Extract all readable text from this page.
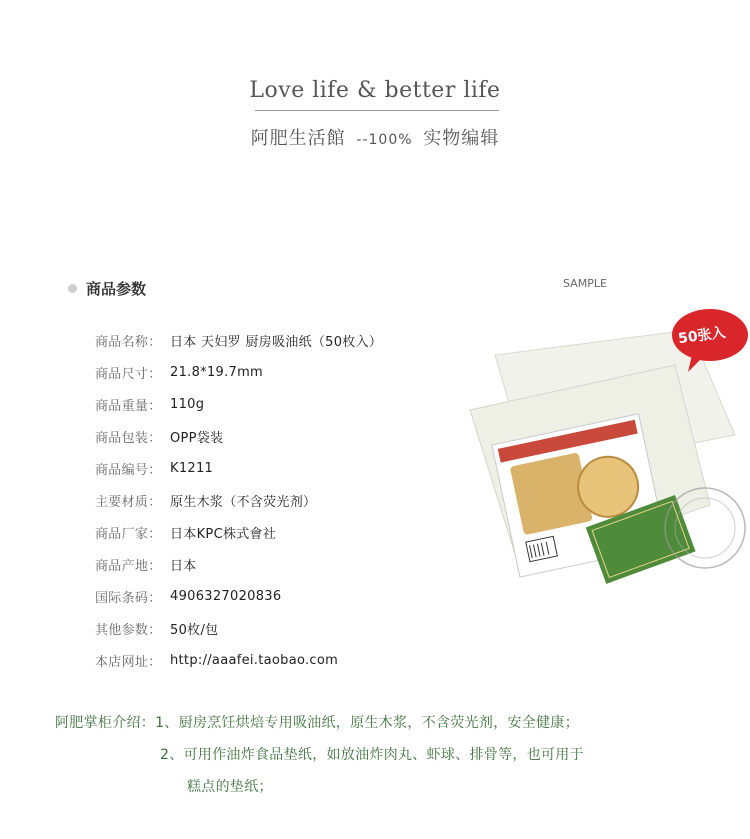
Love life & better life
阿肥生活館 --100% 实物编辑
商品参数	SAMPLE
商品名称： 日本 天妇罗 厨房吸油纸（50枚入）
商品尺寸： 21.8*19.7mm
商品重量： 110g
商品包装： OPP袋装
商品编号： K1211
主要材质： 原生木浆（不含荧光剂）
商品厂家： 日本KPC株式會社
商品产地： 日本
国际条码： 4906327020836
其他参数： 50枚/包
本店网址： http://aaafei.taobao.com
50张入
阿肥掌柜介绍：1、厨房烹饪烘焙专用吸油纸，原生木浆，不含荧光剂，安全健康；
2、可用作油炸食品垫纸，如放油炸肉丸、虾球、排骨等，也可用于
糕点的垫纸；
